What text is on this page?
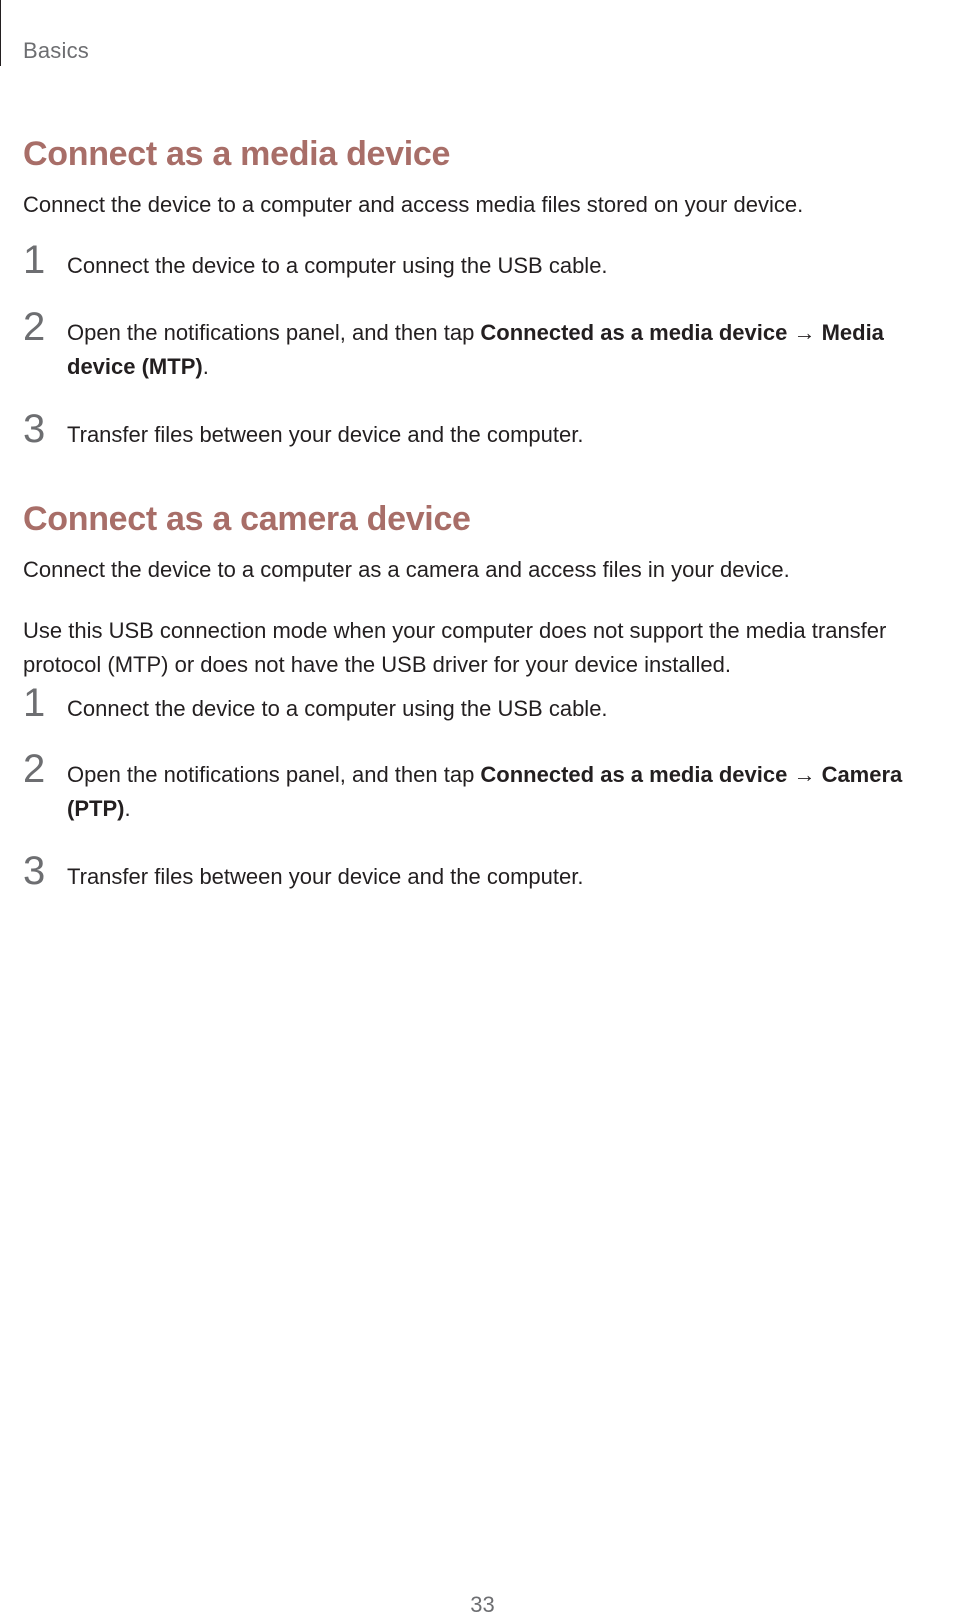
Basics
Connect as a media device

Connect the device to a computer and access media files stored on your device.

1 Connect the device to a computer using the USB cable.

2 Open the notifications panel, and then tap Connected as a media device → Media device (MTP).

3 Transfer files between your device and the computer.

Connect as a camera device

Connect the device to a computer as a camera and access files in your device.

Use this USB connection mode when your computer does not support the media transfer protocol (MTP) or does not have the USB driver for your device installed.

1 Connect the device to a computer using the USB cable.

2 Open the notifications panel, and then tap Connected as a media device → Camera (PTP).

3 Transfer files between your device and the computer.

33
